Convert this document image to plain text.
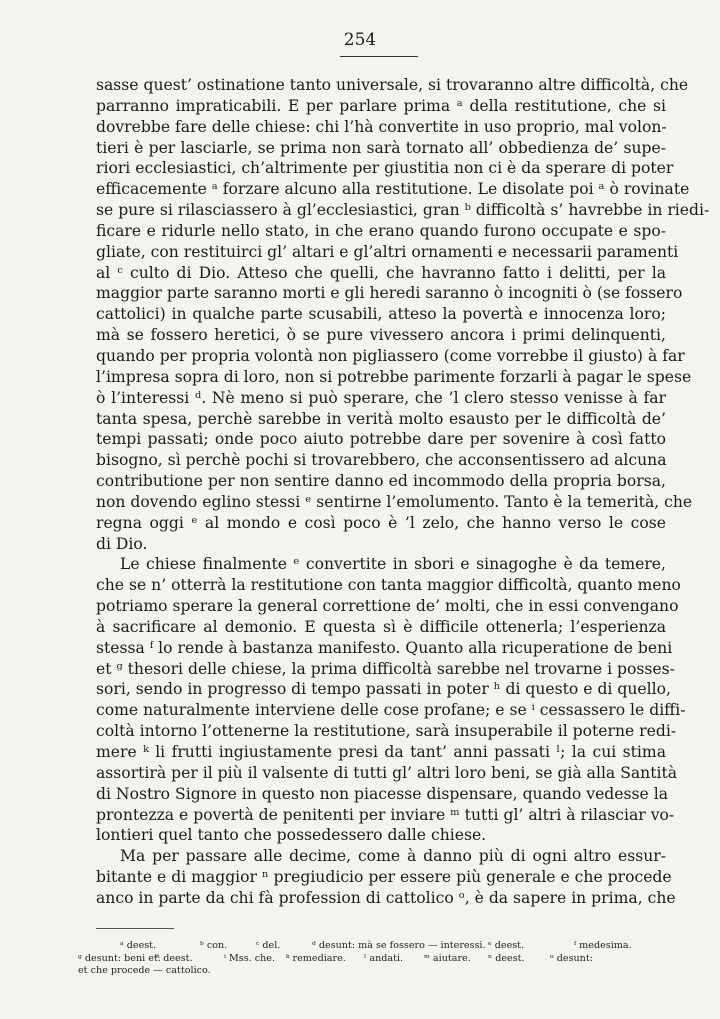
254
sasse quest’ ostinatione tanto universale, si trovaranno altre difficoltà, che
parranno impraticabili. E per parlare prima ᵃ della restitutione, che si
dovrebbe fare delle chiese: chi l’hà convertite in uso proprio, mal volon-
tieri è per lasciarle, se prima non sarà tornato all’ obbedienza de’ supe-
riori ecclesiastici, ch’altrimente per giustitia non ci è da sperare di poter
efficacemente ᵃ forzare alcuno alla restitutione. Le disolate poi ᵃ ò rovinate
se pure si rilasciassero à gl’ecclesiastici, gran ᵇ difficoltà s’ havrebbe in riedi-
ficare e ridurle nello stato, in che erano quando furono occupate e spo-
gliate, con restituirci gl’ altari e gl’altri ornamenti e necessarii paramenti
al ᶜ culto di Dio. Atteso che quelli, che havranno fatto i delitti, per la
maggior parte saranno morti e gli heredi saranno ò incogniti ò (se fossero
cattolici) in qualche parte scusabili, atteso la povertà e innocenza loro;
mà se fossero heretici, ò se pure vivessero ancora i primi delinquenti,
quando per propria volontà non pigliassero (come vorrebbe il giusto) à far
l’impresa sopra di loro, non si potrebbe parimente forzarli à pagar le spese
ò l’interessi ᵈ. Nè meno si può sperare, che ’l clero stesso venisse à far
tanta spesa, perchè sarebbe in verità molto esausto per le difficoltà de’
tempi passati; onde poco aiuto potrebbe dare per sovenire à così fatto
bisogno, sì perchè pochi si trovarebbero, che acconsentissero ad alcuna
contributione per non sentire danno ed incommodo della propria borsa,
non dovendo eglino stessi ᵉ sentirne l’emolumento. Tanto è la temerità, che
regna oggi ᵉ al mondo e così poco è ’l zelo, che hanno verso le cose
di Dio.
Le chiese finalmente ᵉ convertite in sbori e sinagoghe è da temere,
che se n’ otterrà la restitutione con tanta maggior difficoltà, quanto meno
potriamo sperare la general correttione de’ molti, che in essi convengano
à sacrificare al demonio. E questa sì è difficile ottenerla; l’esperienza
stessa ᶠ lo rende à bastanza manifesto. Quanto alla ricuperatione de beni
et ᵍ thesori delle chiese, la prima difficoltà sarebbe nel trovarne i posses-
sori, sendo in progresso di tempo passati in poter ʰ di questo e di quello,
come naturalmente interviene delle cose profane; e se ⁱ cessassero le diffi-
coltà intorno l’ottenerne la restitutione, sarà insuperabile il poterne redi-
mere ᵏ li frutti ingiustamente presi da tant’ anni passati ˡ; la cui stima
assortirà per il più il valsente di tutti gl’ altri loro beni, se già alla Santità
di Nostro Signore in questo non piacesse dispensare, quando vedesse la
prontezza e povertà de penitenti per inviare ᵐ tutti gl’ altri à rilasciar vo-
lontieri quel tanto che possedessero dalle chiese.
Ma per passare alle decime, come à danno più di ogni altro essur-
bitante e di maggior ⁿ pregiudicio per essere più generale e che procede
anco in parte da chi fà profession di cattolico ᵒ, è da sapere in prima, che
ᵃ deest.	ᵇ con.	ᶜ del.	ᵈ desunt: mà se fossero — interessi. ᵉ deest.	ᶠ medesima.
ᵍ desunt: beni et.ʰ deest.	ⁱ Mss. che. ᵏ remediare. ˡ andati. ᵐ aiutare. ⁿ deest.	ᵒ desunt:
et che procede — cattolico.
